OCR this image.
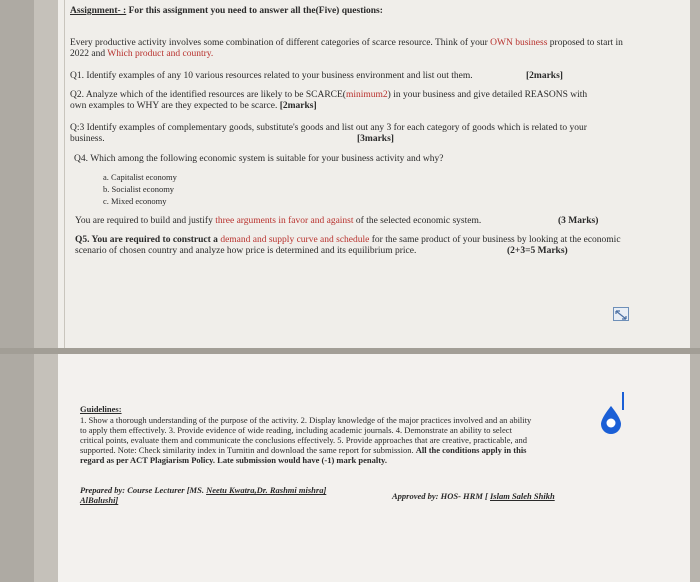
Assignment- : For this assignment you need to answer all the(Five) questions:
Every productive activity involves some combination of different categories of scarce resource. Think of your OWN business proposed to start in 2022 and Which product and country.
Q1. Identify examples of any 10 various resources related to your business environment and list out them.	[2marks]
Q2. Analyze which of the identified resources are likely to be SCARCE(minimum2) in your business and give detailed REASONS with
own examples to WHY are they expected to be scarce. [2marks]
Q:3 Identify examples of complementary goods, substitute's goods and list out any 3 for each category of goods which is related to your
business.	[3marks]
Q4. Which among the following economic system is suitable for your business activity and why?
a. Capitalist economy
b. Socialist economy
c. Mixed economy
You are required to build and justify three arguments in favor and against of the selected economic system.	(3 Marks)
Q5. You are required to construct a demand and supply curve and schedule for the same product of your business by looking at the economic
scenario of chosen country and analyze how price is determined and its equilibrium price.	(2+3=5 Marks)
Guidelines:
1. Show a thorough understanding of the purpose of the activity. 2. Display knowledge of the major practices involved and an ability
to apply them effectively. 3. Provide evidence of wide reading, including academic journals. 4. Demonstrate an ability to select
critical points, evaluate them and communicate the conclusions effectively. 5. Provide approaches that are creative, practicable, and
supported. Note: Check similarity index in Turnitin and download the same report for submission. All the conditions apply in this
regard as per ACT Plagiarism Policy. Late submission would have (-1) mark penalty.
Prepared by: Course Lecturer [MS. Neetu Kwatra,Dr. Rashmi mishra]
AlBalushi]	Approved by: HOS- HRM [ Islam Saleh Shikh
